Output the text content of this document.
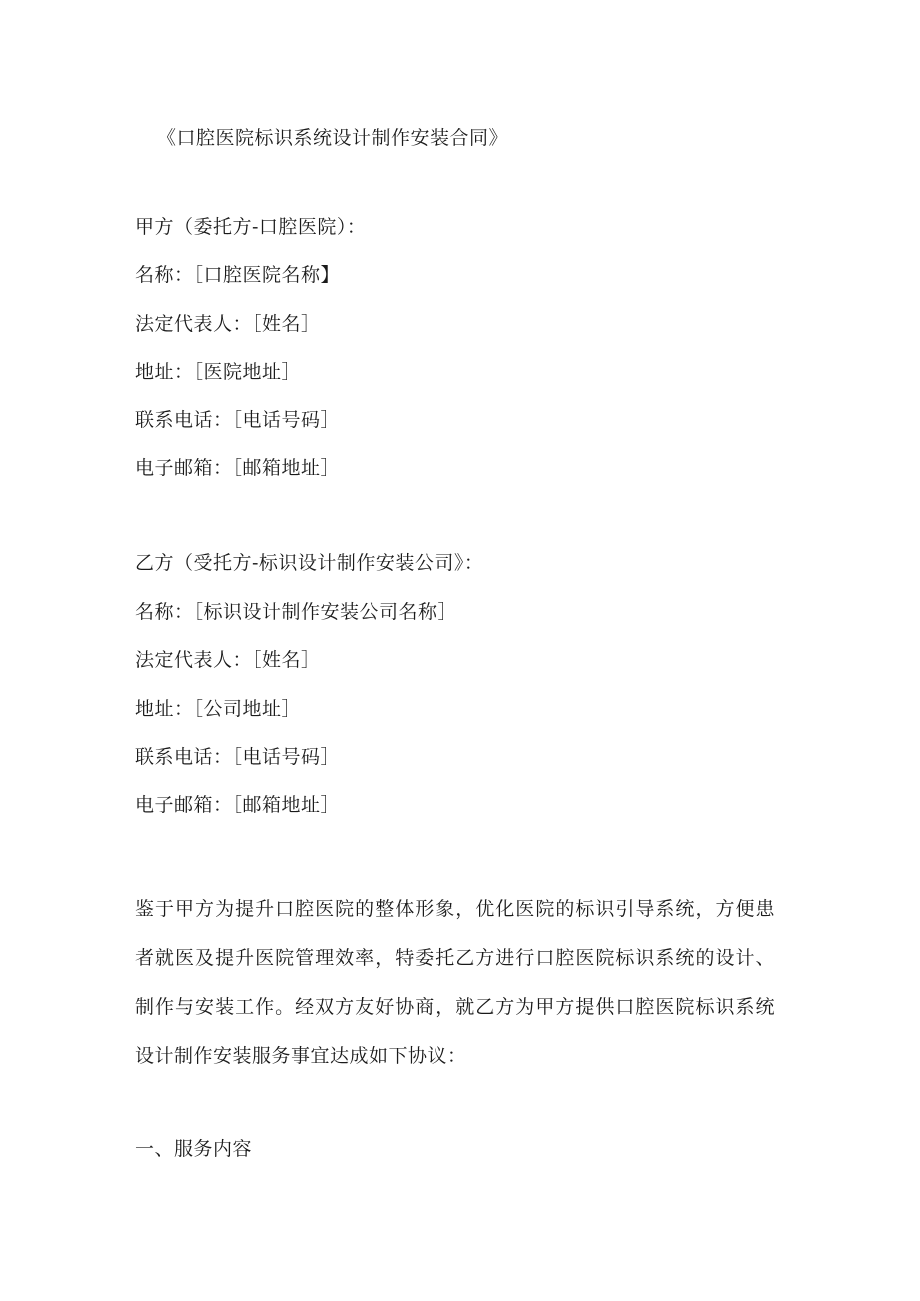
《口腔医院标识系统设计制作安装合同》
甲方（委托方-口腔医院）：
名称：［口腔医院名称】
法定代表人：［姓名］
地址：［医院地址］
联系电话：［电话号码］
电子邮箱：［邮箱地址］
乙方（受托方-标识设计制作安装公司》：
名称：［标识设计制作安装公司名称］
法定代表人：［姓名］
地址：［公司地址］
联系电话：［电话号码］
电子邮箱：［邮箱地址］
鉴于甲方为提升口腔医院的整体形象，优化医院的标识引导系统，方便患者就医及提升医院管理效率，特委托乙方进行口腔医院标识系统的设计、制作与安装工作。经双方友好协商，就乙方为甲方提供口腔医院标识系统设计制作安装服务事宜达成如下协议：
一、服务内容
